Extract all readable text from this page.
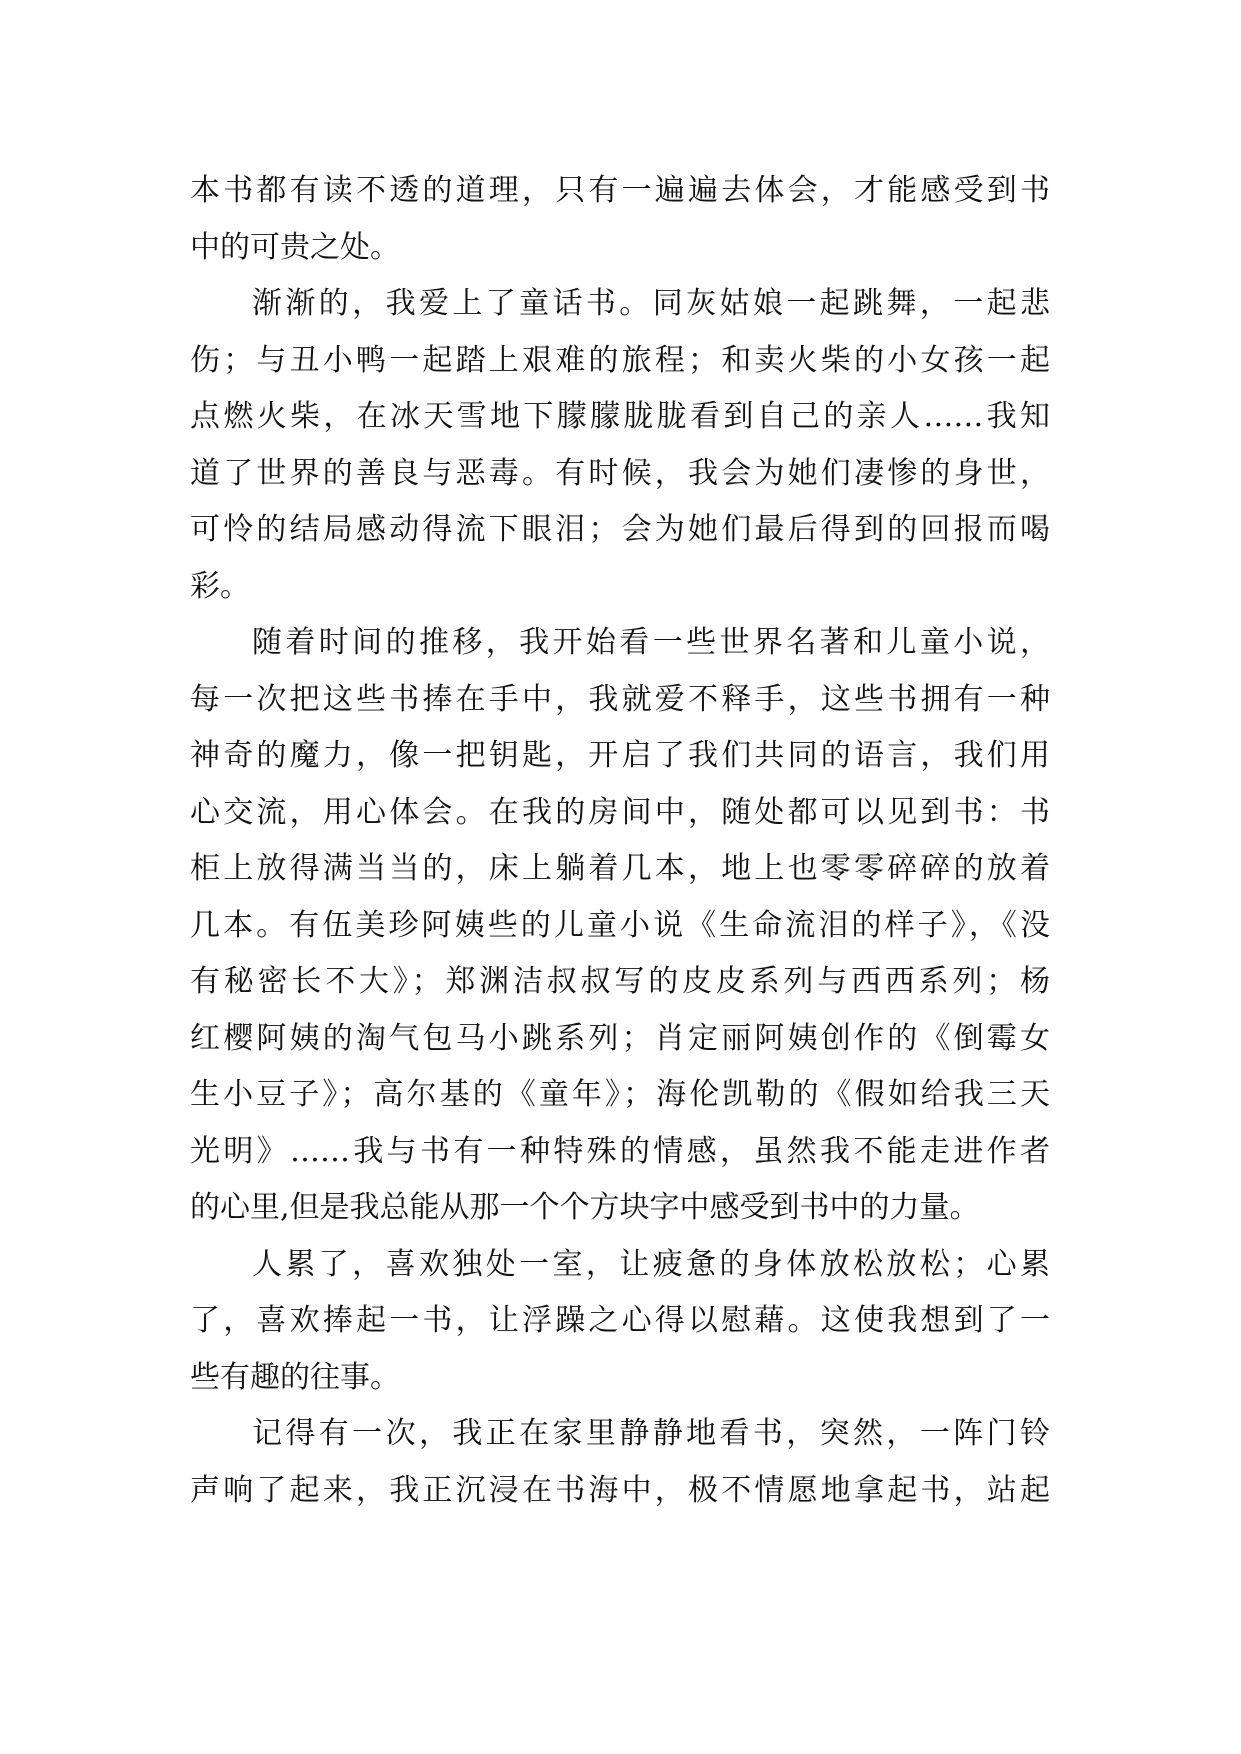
本书都有读不透的道理，只有一遍遍去体会，才能感受到书
中的可贵之处。
渐渐的，我爱上了童话书。同灰姑娘一起跳舞，一起悲
伤；与丑小鸭一起踏上艰难的旅程；和卖火柴的小女孩一起
点燃火柴，在冰天雪地下朦朦胧胧看到自己的亲人……我知
道了世界的善良与恶毒。有时候，我会为她们凄惨的身世，
可怜的结局感动得流下眼泪；会为她们最后得到的回报而喝
彩。
随着时间的推移，我开始看一些世界名著和儿童小说，
每一次把这些书捧在手中，我就爱不释手，这些书拥有一种
神奇的魔力，像一把钥匙，开启了我们共同的语言，我们用
心交流，用心体会。在我的房间中，随处都可以见到书：书
柜上放得满当当的，床上躺着几本，地上也零零碎碎的放着
几本。有伍美珍阿姨些的儿童小说《生命流泪的样子》，《没
有秘密长不大》；郑渊洁叔叔写的皮皮系列与西西系列；杨
红樱阿姨的淘气包马小跳系列；肖定丽阿姨创作的《倒霉女
生小豆子》；高尔基的《童年》；海伦凯勒的《假如给我三天
光明》……我与书有一种特殊的情感，虽然我不能走进作者
的心里,但是我总能从那一个个方块字中感受到书中的力量。
人累了，喜欢独处一室，让疲惫的身体放松放松；心累
了，喜欢捧起一书，让浮躁之心得以慰藉。这使我想到了一
些有趣的往事。
记得有一次，我正在家里静静地看书，突然，一阵门铃
声响了起来，我正沉浸在书海中，极不情愿地拿起书，站起
